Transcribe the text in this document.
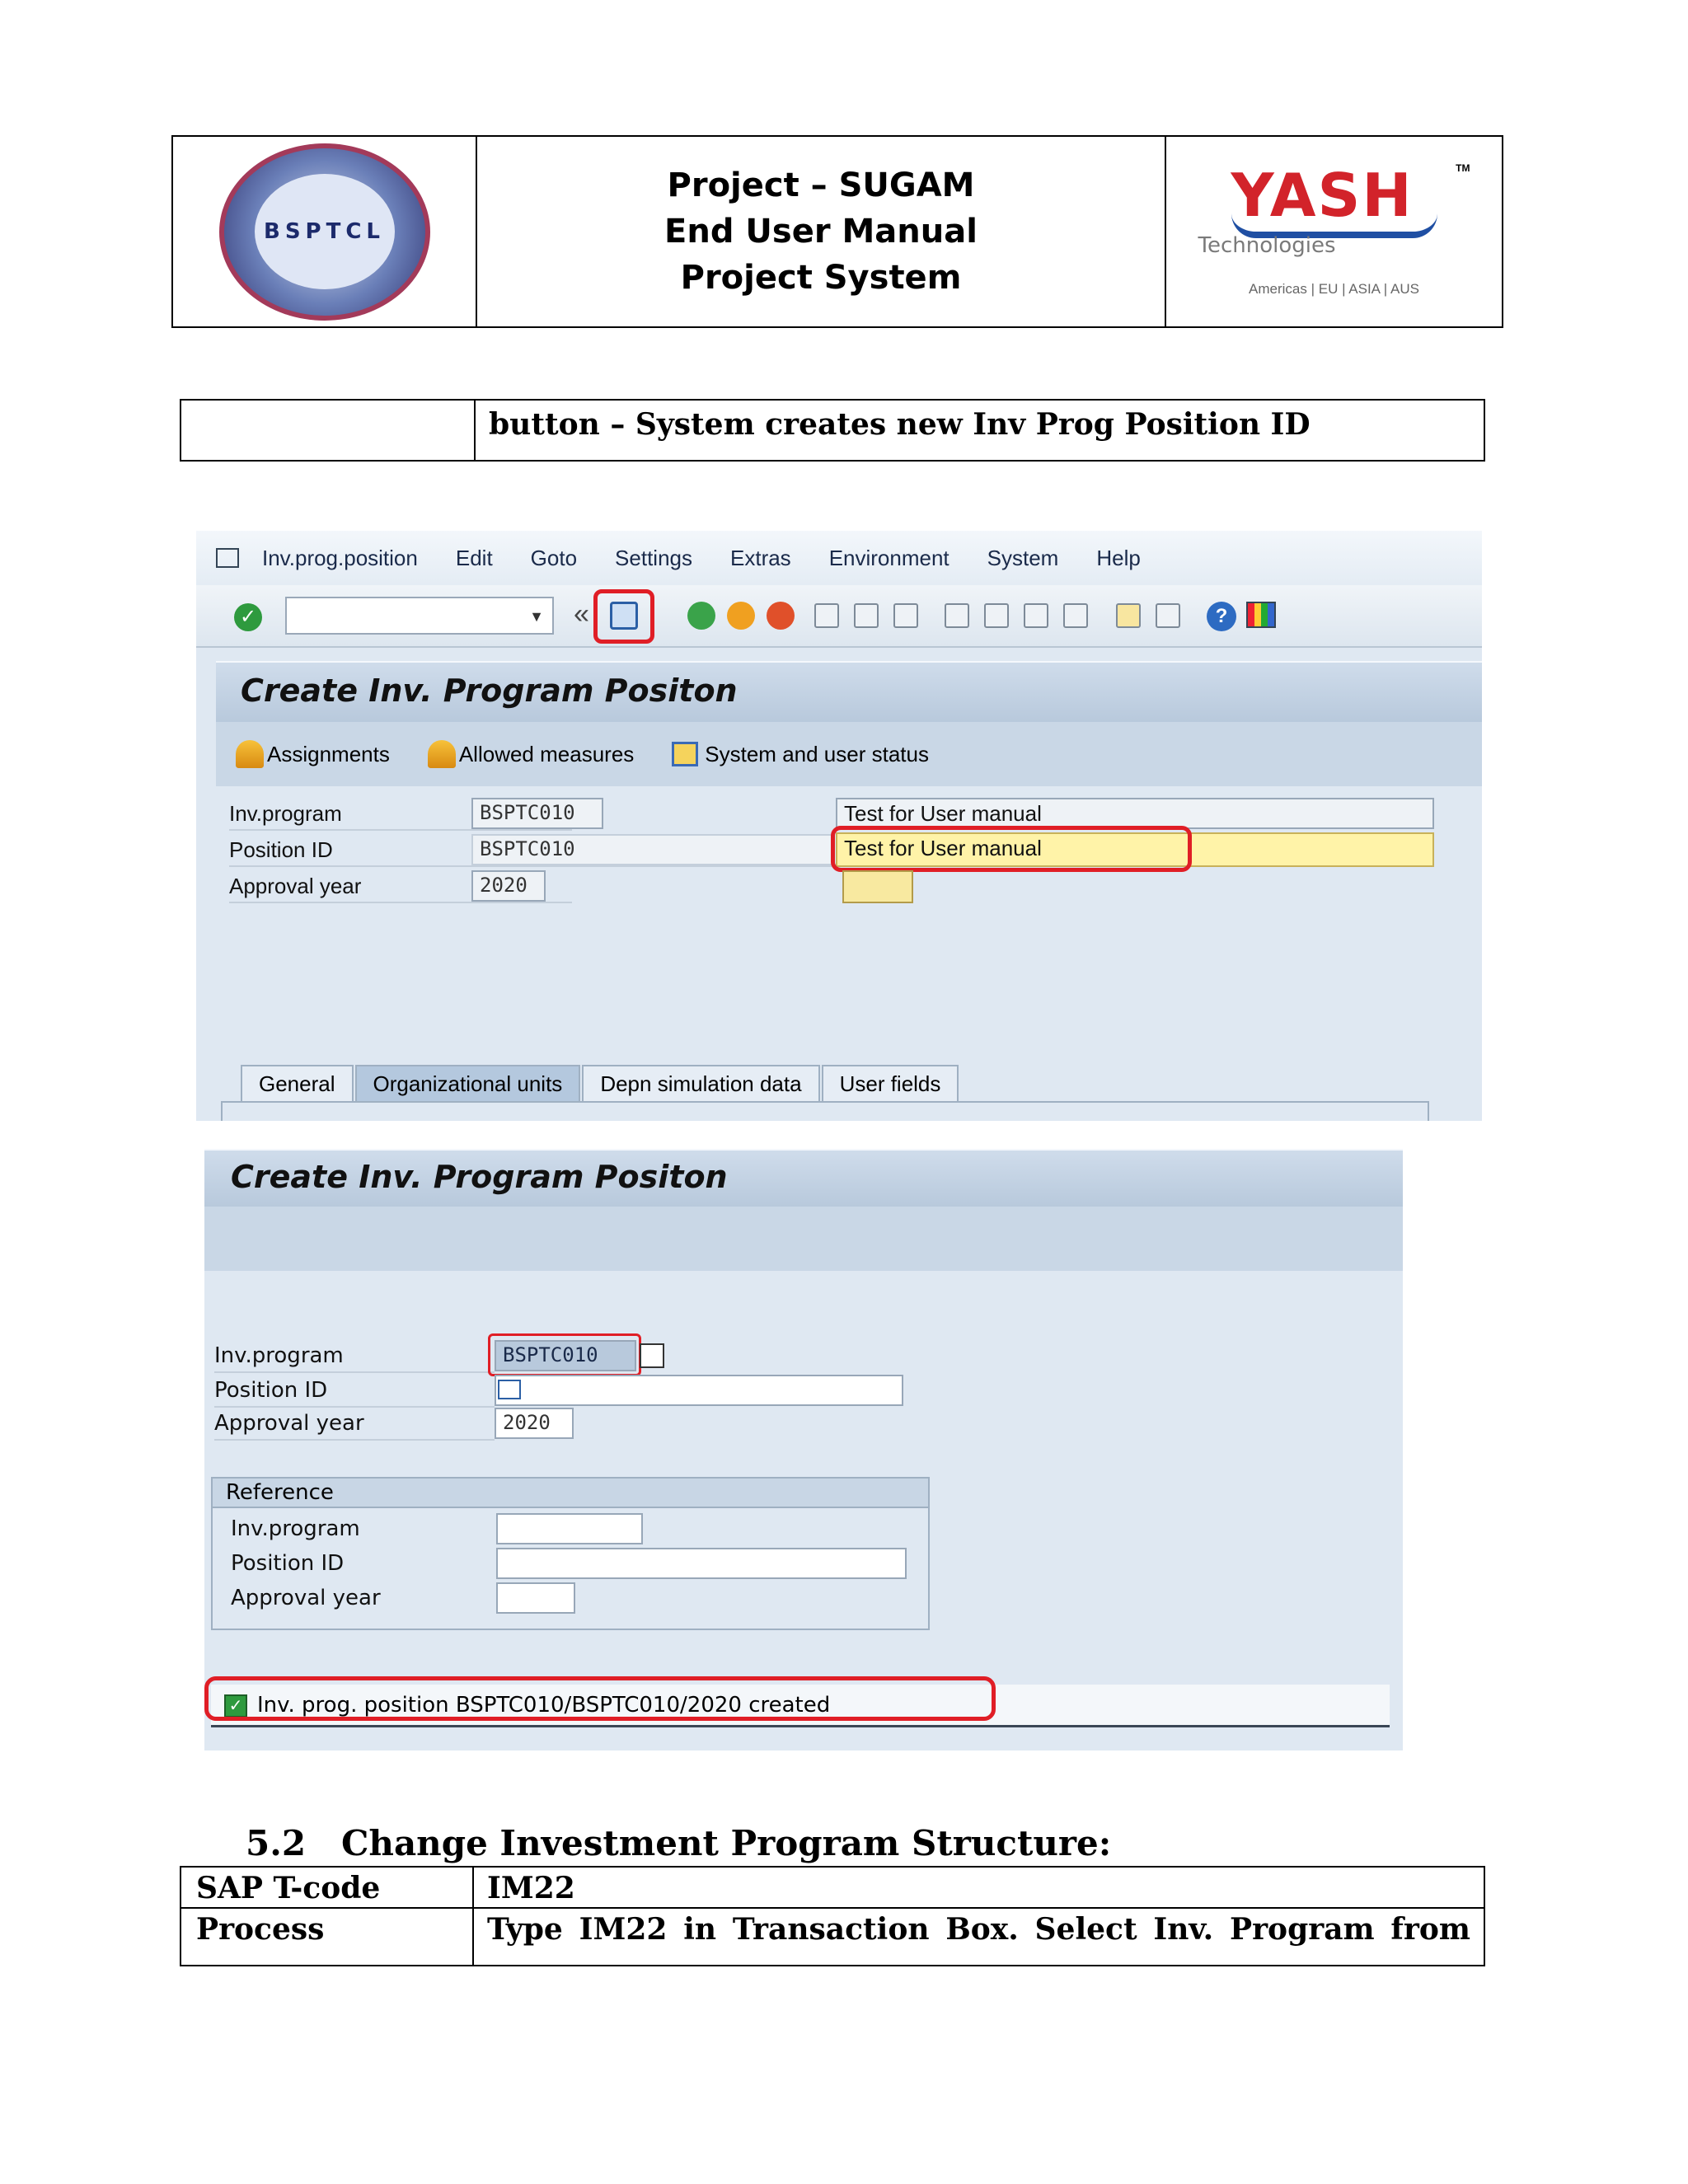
BSPTCL
Project – SUGAM
End User Manual
Project System
YASH	TM
Technologies
Americas | EU | ASIA | AUS
button – System creates new Inv Prog Position ID
Inv.prog.position Edit Goto Settings Extras Environment System Help
✓	▼ «	?
Create Inv. Program Positon
Assignments	Allowed measures	System and user status
Inv.program	BSPTC010	Test for User manual
Position ID	BSPTC010	Test for User manual
Approval year	2020
General	Organizational units	Depn simulation data	User fields
Create Inv. Program Positon
Inv.program	BSPTC010
Position ID
Approval year	2020
Reference
Inv.program
Position ID
Approval year
✓ Inv. prog. position BSPTC010/BSPTC010/2020 created
5.2 Change Investment Program Structure:
SAP T-code	IM22
Process	Type IM22 in Transaction Box. Select Inv. Program from
